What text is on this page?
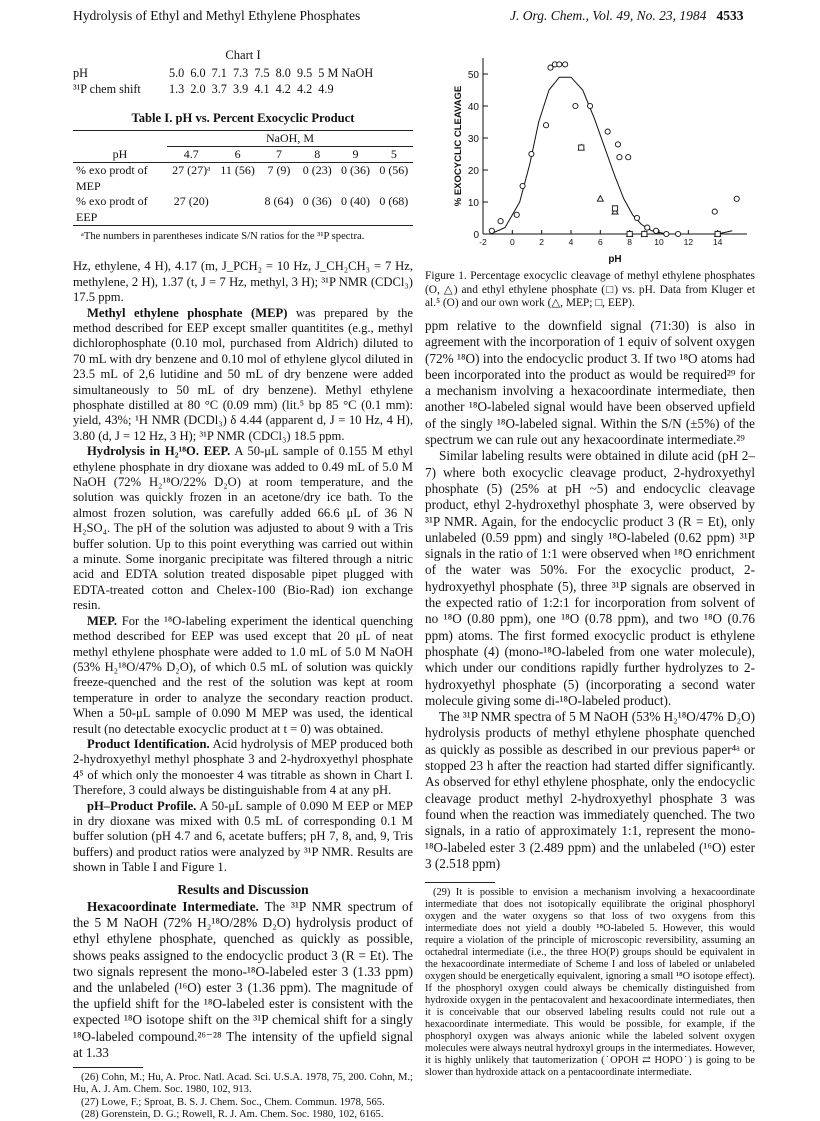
Hydrolysis of Ethyl and Methyl Ethylene Phosphates	J. Org. Chem., Vol. 49, No. 23, 1984 4533
Chart I
pH	5.0  6.0  7.1  7.3  7.5  8.0  9.5  5 M NaOH
³¹P chem shift	1.3  2.0  3.7  3.9  4.1  4.2  4.2  4.9
Table I. pH vs. Percent Exocyclic Product
	NaOH, M					
pH	4.7	6	7	8	9	5
% exo prodt of MEP	27 (27)ᵃ	11 (56)	7 (9)	0 (23)	0 (36)	0 (56)
% exo prodt of EEP	27 (20)		8 (64)	0 (36)	0 (40)	0 (68)
ᵃThe numbers in parentheses indicate S/N ratios for the ³¹P spectra.

Hz, ethylene, 4 H), 4.17 (m, J_PCH₂ = 10 Hz, J_CH₂CH₃ = 7 Hz, methylene, 2 H), 1.37 (t, J = 7 Hz, methyl, 3 H); ³¹P NMR (CDCl₃) 17.5 ppm.

Methyl ethylene phosphate (MEP) was prepared by the method described for EEP except smaller quantitites (e.g., methyl dichlorophosphate (0.10 mol, purchased from Aldrich) diluted to 70 mL with dry benzene and 0.10 mol of ethylene glycol diluted in 23.5 mL of 2,6 lutidine and 50 mL of dry benzene were added simultaneously to 50 mL of dry benzene). Methyl ethylene phosphate distilled at 80 °C (0.09 mm) (lit.⁵ bp 85 °C (0.1 mm): yield, 43%; ¹H NMR (DCDl₃) δ 4.44 (apparent d, J = 10 Hz, 4 H), 3.80 (d, J = 12 Hz, 3 H); ³¹P NMR (CDCl₃) 18.5 ppm.

Hydrolysis in H₂¹⁸O. EEP. A 50-μL sample of 0.155 M ethyl ethylene phosphate in dry dioxane was added to 0.49 mL of 5.0 M NaOH (72% H₂¹⁸O/22% D₂O) at room temperature, and the solution was quickly frozen in an acetone/dry ice bath. To the almost frozen solution, was carefully added 66.6 μL of 36 N H₂SO₄. The pH of the solution was adjusted to about 9 with a Tris buffer solution. Up to this point everything was carried out within a minute. Some inorganic precipitate was filtered through a nitric acid and EDTA solution treated disposable pipet plugged with EDTA-treated cotton and Chelex-100 (Bio-Rad) ion exchange resin.

MEP. For the ¹⁸O-labeling experiment the identical quenching method described for EEP was used except that 20 μL of neat methyl ethylene phosphate were added to 1.0 mL of 5.0 M NaOH (53% H₂¹⁸O/47% D₂O), of which 0.5 mL of solution was quickly freeze-quenched and the rest of the solution was kept at room temperature in order to analyze the secondary reaction product. When a 50-μL sample of 0.090 M MEP was used, the identical result (no detectable exocyclic product at t = 0) was obtained.

Product Identification. Acid hydrolysis of MEP produced both 2-hydroxyethyl methyl phosphate 3 and 2-hydroxyethyl phosphate 4⁵ of which only the monoester 4 was titrable as shown in Chart I. Therefore, 3 could always be distinguishable from 4 at any pH.

pH–Product Profile. A 50-μL sample of 0.090 M EEP or MEP in dry dioxane was mixed with 0.5 mL of corresponding 0.1 M buffer solution (pH 4.7 and 6, acetate buffers; pH 7, 8, and, 9, Tris buffers) and product ratios were analyzed by ³¹P NMR. Results are shown in Table I and Figure 1.

Results and Discussion

Hexacoordinate Intermediate. The ³¹P NMR spectrum of the 5 M NaOH (72% H₂¹⁸O/28% D₂O) hydrolysis product of ethyl ethylene phosphate, quenched as quickly as possible, shows peaks assigned to the endocyclic product 3 (R = Et). The two signals represent the mono-¹⁸O-labeled ester 3 (1.33 ppm) and the unlabeled (¹⁶O) ester 3 (1.36 ppm). The magnitude of the upfield shift for the ¹⁸O-labeled ester is consistent with the expected ¹⁸O isotope shift on the ³¹P chemical shift for a singly ¹⁸O-labeled compound.²⁶⁻²⁸ The intensity of the upfield signal at 1.33

(26) Cohn, M.; Hu, A. Proc. Natl. Acad. Sci. U.S.A. 1978, 75, 200. Cohn, M.; Hu, A. J. Am. Chem. Soc. 1980, 102, 913.
(27) Lowe, F.; Sproat, B. S. J. Chem. Soc., Chem. Commun. 1978, 565.
(28) Gorenstein, D. G.; Rowell, R. J. Am. Chem. Soc. 1980, 102, 6165.
0
10
20
30
40
50
-2	0	2	4	6	8	10 12 14
pH
% EXOCYCLIC CLEAVAGE
Figure 1. Percentage exocyclic cleavage of methyl ethylene phosphates (O, △) and ethyl ethylene phosphate (□) vs. pH. Data from Kluger et al.⁵ (O) and our own work (△, MEP; □, EEP).

ppm relative to the downfield signal (71:30) is also in agreement with the incorporation of 1 equiv of solvent oxygen (72% ¹⁸O) into the endocyclic product 3. If two ¹⁸O atoms had been incorporated into the product as would be required²⁹ for a mechanism involving a hexacoordinate intermediate, then another ¹⁸O-labeled signal would have been observed upfield of the singly ¹⁸O-labeled signal. Within the S/N (±5%) of the spectrum we can rule out any hexacoordinate intermediate.²⁹

Similar labeling results were obtained in dilute acid (pH 2–7) where both exocyclic cleavage product, 2-hydroxyethyl phosphate (5) (25% at pH ~5) and endocyclic cleavage product, ethyl 2-hydroxethyl phosphate 3, were observed by ³¹P NMR. Again, for the endocyclic product 3 (R = Et), only unlabeled (0.59 ppm) and singly ¹⁸O-labeled (0.62 ppm) ³¹P signals in the ratio of 1:1 were observed when ¹⁸O enrichment of the water was 50%. For the exocyclic product, 2-hydroxyethyl phosphate (5), three ³¹P signals are observed in the expected ratio of 1:2:1 for incorporation from solvent of no ¹⁸O (0.80 ppm), one ¹⁸O (0.78 ppm), and two ¹⁸O (0.76 ppm) atoms. The first formed exocyclic product is ethylene phosphate (4) (mono-¹⁸O-labeled from one water molecule), which under our conditions rapidly further hydrolyzes to 2-hydroxyethyl phosphate (5) (incorporating a second water molecule giving some di-¹⁸O-labeled product).

The ³¹P NMR spectra of 5 M NaOH (53% H₂¹⁸O/47% D₂O) hydrolysis products of methyl ethylene phosphate quenched as quickly as possible as described in our previous paper⁴ᵃ or stopped 23 h after the reaction had started differ significantly. As observed for ethyl ethylene phosphate, only the endocyclic cleavage product methyl 2-hydroxyethyl phosphate 3 was found when the reaction was immediately quenched. The two signals, in a ratio of approximately 1:1, represent the mono-¹⁸O-labeled ester 3 (2.489 ppm) and the unlabeled (¹⁶O) ester 3 (2.518 ppm)

(29) It is possible to envision a mechanism involving a hexacoordinate intermediate that does not isotopically equilibrate the original phosphoryl oxygen and the water oxygens so that loss of two oxygens from this intermediate does not yield a doubly ¹⁸O-labeled 5. However, this would require a violation of the principle of microscopic reversibility, assuming an octahedral intermediate (i.e., the three HO(P) groups should be equivalent in the hexacoordinate intermediate of Scheme I and loss of labeled or unlabeled oxygen should be energetically equivalent, ignoring a small ¹⁸O isotope effect). If the phosphoryl oxygen could always be chemically distinguished from hydroxide oxygen in the pentacovalent and hexacoordinate intermediates, then it is conceivable that our observed labeling results could not rule out a hexacoordinate intermediate. This would be possible, for example, if the phosphoryl oxygen was always anionic while the labeled solvent oxygen molecules were always neutral hydroxyl groups in the intermediates. However, it is highly unlikely that tautomerization (˙OPOH ⇄ HOPO˙) is going to be slower than hydroxide attack on a pentacoordinate intermediate.
